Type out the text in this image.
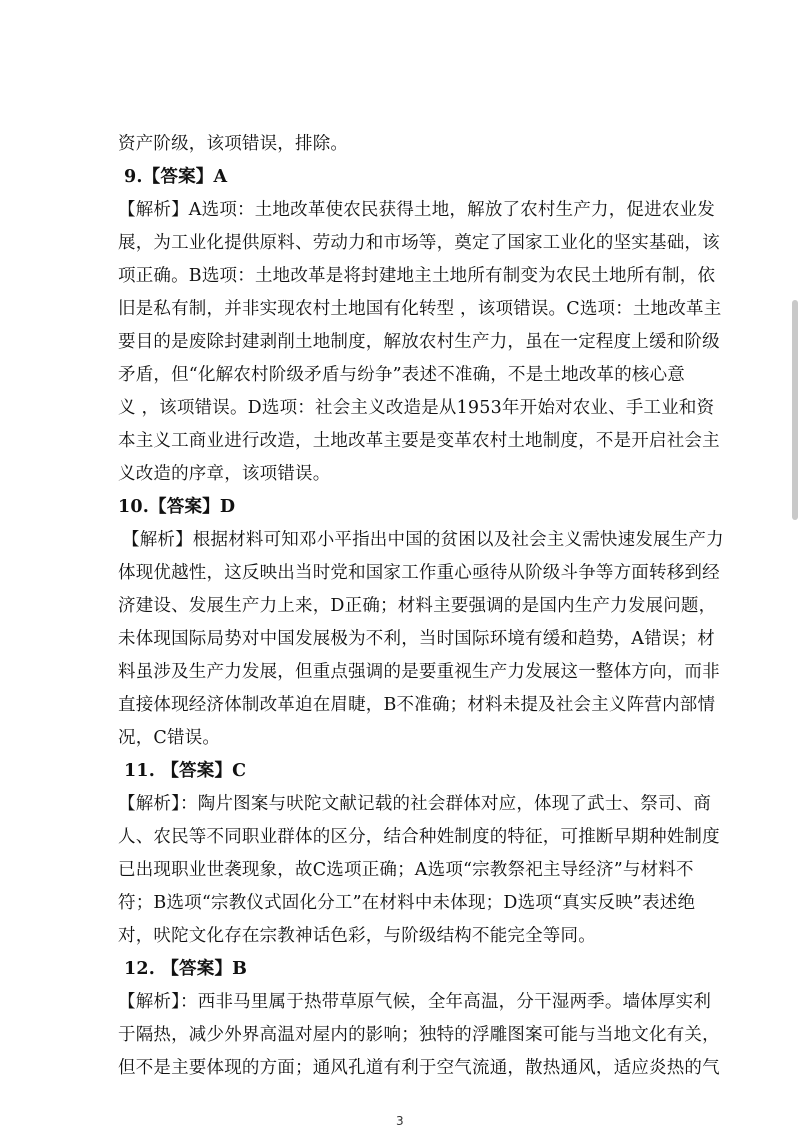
资产阶级，该项错误，排除。
9.【答案】A
【解析】A选项：土地改革使农民获得土地，解放了农村生产力，促进农业发
展，为工业化提供原料、劳动力和市场等，奠定了国家工业化的坚实基础，该
项正确。B选项：土地改革是将封建地主土地所有制变为农民土地所有制，依
旧是私有制，并非实现农村土地国有化转型 ，该项错误。C选项：土地改革主
要目的是废除封建剥削土地制度，解放农村生产力，虽在一定程度上缓和阶级
矛盾，但“化解农村阶级矛盾与纷争”表述不准确，不是土地改革的核心意
义 ，该项错误。D选项：社会主义改造是从1953年开始对农业、手工业和资
本主义工商业进行改造，土地改革主要是变革农村土地制度，不是开启社会主
义改造的序章，该项错误。
10.【答案】D
【解析】根据材料可知邓小平指出中国的贫困以及社会主义需快速发展生产力
体现优越性，这反映出当时党和国家工作重心亟待从阶级斗争等方面转移到经
济建设、发展生产力上来，D正确；材料主要强调的是国内生产力发展问题，
未体现国际局势对中国发展极为不利，当时国际环境有缓和趋势，A错误；材
料虽涉及生产力发展，但重点强调的是要重视生产力发展这一整体方向，而非
直接体现经济体制改革迫在眉睫，B不准确；材料未提及社会主义阵营内部情
况，C错误。
11. 【答案】C
【解析】：陶片图案与吠陀文献记载的社会群体对应，体现了武士、祭司、商
人、农民等不同职业群体的区分，结合种姓制度的特征，可推断早期种姓制度
已出现职业世袭现象，故C选项正确；A选项“宗教祭祀主导经济”与材料不
符；B选项“宗教仪式固化分工”在材料中未体现；D选项“真实反映”表述绝
对，吠陀文化存在宗教神话色彩，与阶级结构不能完全等同。
12. 【答案】B
【解析】：西非马里属于热带草原气候，全年高温，分干湿两季。墙体厚实利
于隔热，减少外界高温对屋内的影响；独特的浮雕图案可能与当地文化有关，
但不是主要体现的方面；通风孔道有利于空气流通，散热通风，适应炎热的气
3
